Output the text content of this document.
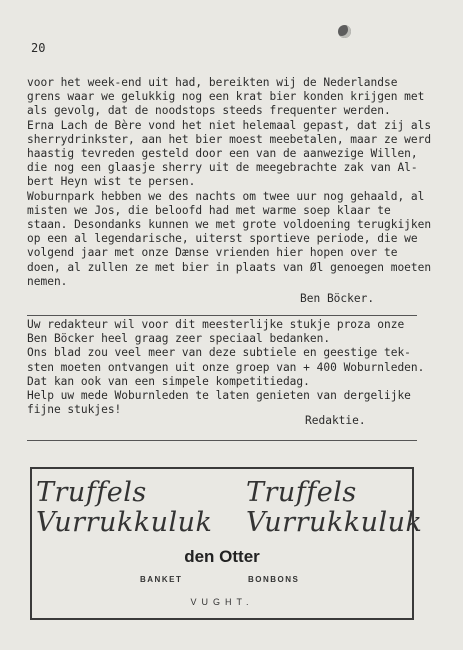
20
voor het week-end uit had, bereikten wij de Nederlandse
grens waar we gelukkig nog een krat bier konden krijgen met
als gevolg, dat de noodstops steeds frequenter werden.
Erna Lach de Bère vond het niet helemaal gepast, dat zij als
sherrydrinkster, aan het bier moest meebetalen, maar ze werd
haastig tevreden gesteld door een van de aanwezige Willen,
die nog een glaasje sherry uit de meegebrachte zak van Al-
bert Heyn wist te persen.
Woburnpark hebben we des nachts om twee uur nog gehaald, al
misten we Jos, die beloofd had met warme soep klaar te
staan. Desondanks kunnen we met grote voldoening terugkijken
op een al legendarische, uiterst sportieve periode, die we
volgend jaar met onze Dænse vrienden hier hopen over te
doen, al zullen ze met bier in plaats van Øl genoegen moeten
nemen.
Ben Böcker.
Uw redakteur wil voor dit meesterlijke stukje proza onze
Ben Böcker heel graag zeer speciaal bedanken.
Ons blad zou veel meer van deze subtiele en geestige tek-
sten moeten ontvangen uit onze groep van + 400 Woburnleden.
Dat kan ook van een simpele kompetitiedag.
Help uw mede Woburnleden te laten genieten van dergelijke
fijne stukjes!
Redaktie.
Truffels	Truffels
Vurrukkuluk Vurrukkuluk
den Otter
BANKET	BONBONS
VUGHT.
